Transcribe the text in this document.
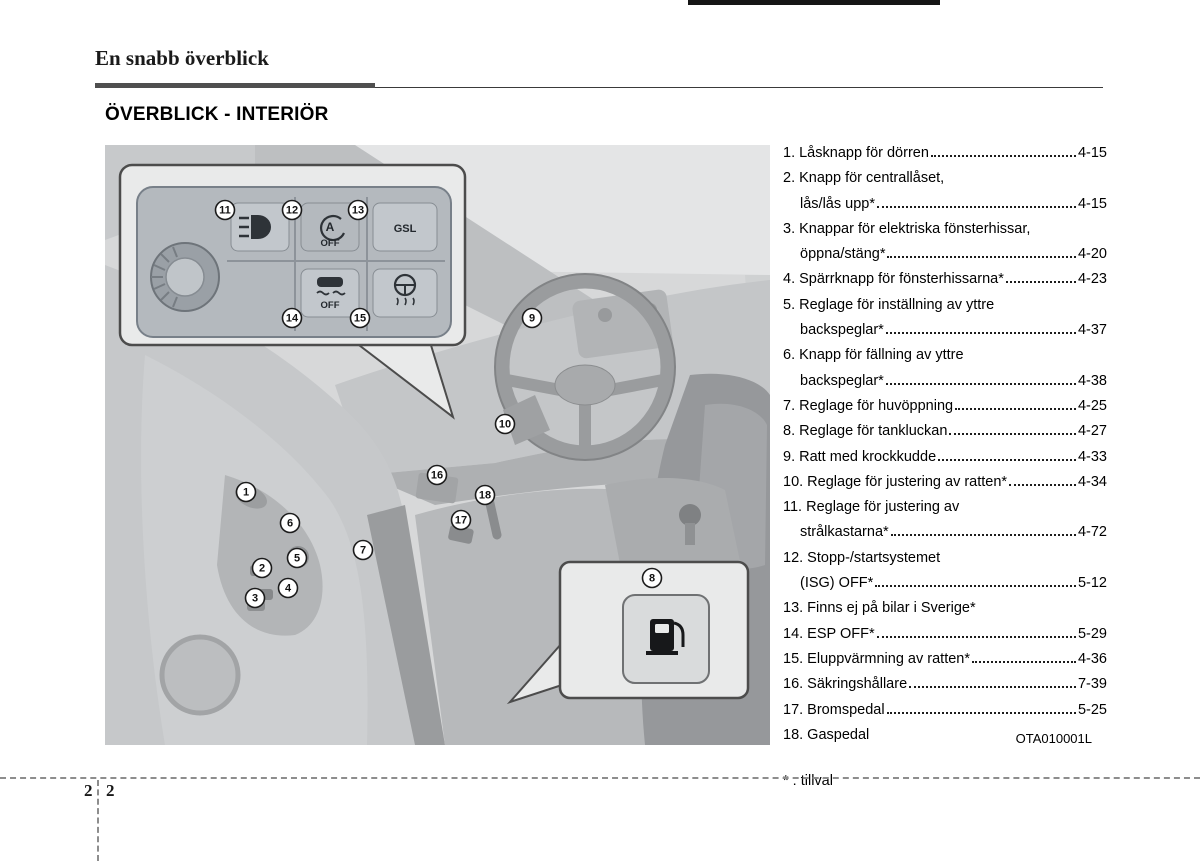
En snabb överblick
ÖVERBLICK - INTERIÖR
A
OFF
GSL
OFF
11	12	13
14	15	9
10
16
18
17
1
6
5
2
4
3
7
8
OTA010001L
1. Låsknapp för dörren	4-15
2. Knapp för centrallåset,
lås/lås upp*	4-15
3. Knappar för elektriska fönsterhissar,
öppna/stäng*	4-20
4. Spärrknapp för fönsterhissarna*	4-23
5. Reglage för inställning av yttre
backspeglar*	4-37
6. Knapp för fällning av yttre
backspeglar*	4-38
7. Reglage för huvöppning	4-25
8. Reglage för tankluckan	4-27
9. Ratt med krockkudde	4-33
10. Reglage för justering av ratten*	4-34
11. Reglage för justering av
strålkastarna*	4-72
12. Stopp-/startsystemet
(ISG) OFF*	5-12
13. Finns ej på bilar i Sverige*
14. ESP OFF*	5-29
15. Eluppvärmning av ratten*	4-36
16. Säkringshållare	7-39
17. Bromspedal	5-25
18. Gaspedal
* : tillval
2 2
